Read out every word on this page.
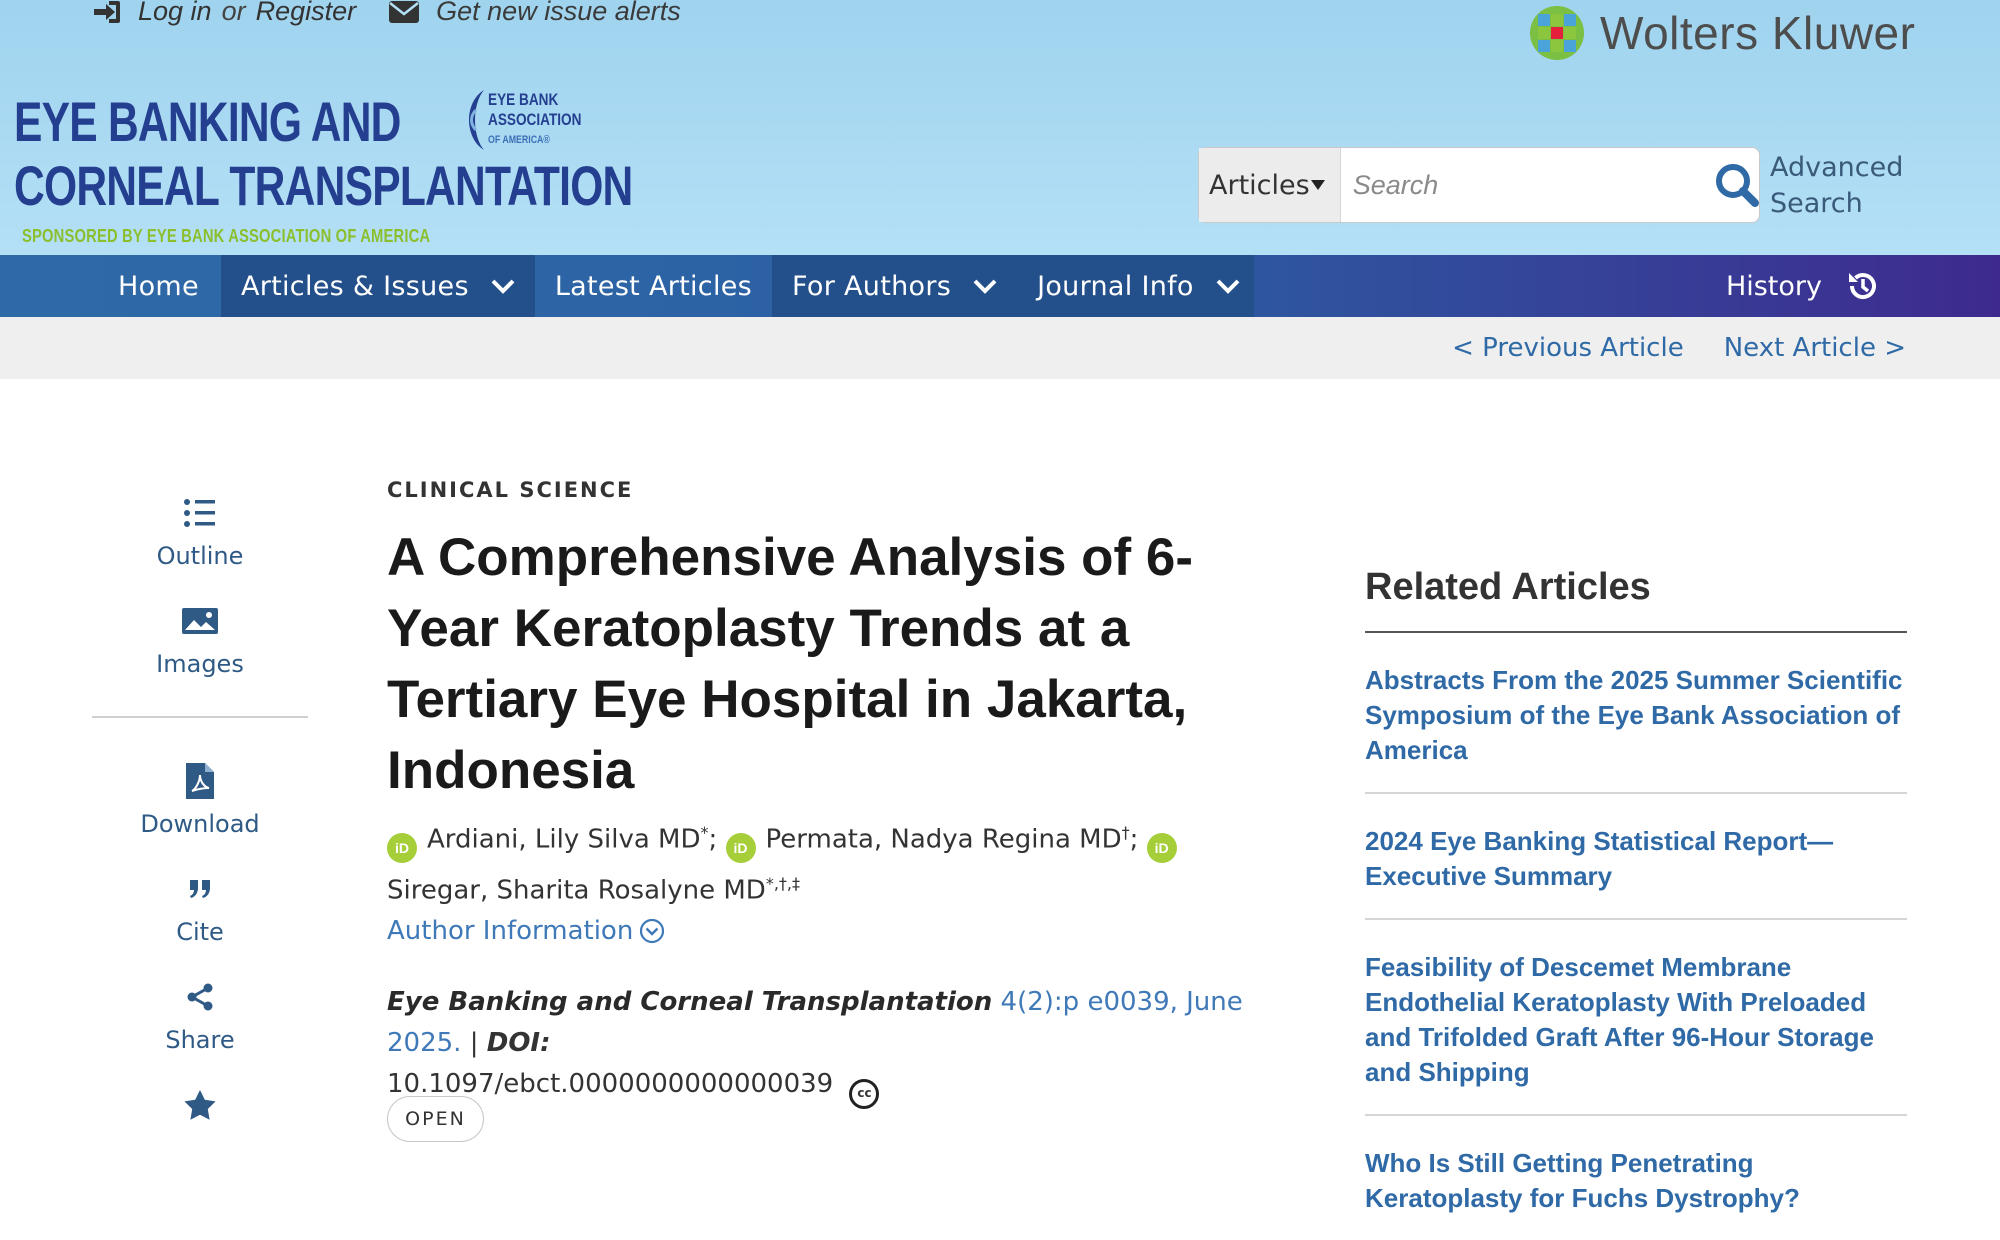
Log in or Register	Get new issue alerts	Wolters Kluwer
EYE BANKING AND
CORNEAL TRANSPLANTATION
SPONSORED BY EYE BANK ASSOCIATION OF AMERICA
EYE BANK
ASSOCIATION
OF AMERICA®
Articles
Search
Advanced Search
Home Articles & Issues	Latest Articles For Authors	Journal Info	History
< Previous Article Next Article >
Outline
Images
Download
Cite
Share
CLINICAL SCIENCE
A Comprehensive Analysis of 6-Year Keratoplasty Trends at a Tertiary Eye Hospital in Jakarta, Indonesia
iD Ardiani, Lily Silva MD*; iD Permata, Nadya Regina MD†; iDSiregar, Sharita Rosalyne MD*,†,‡
Author Information
Eye Banking and Corneal Transplantation 4(2):p e0039, June 2025. | DOI:
10.1097/ebct.0000000000000039 cc
OPEN
Related Articles
Abstracts From the 2025 Summer Scientific Symposium of the Eye Bank Association of America
2024 Eye Banking Statistical Report—Executive Summary
Feasibility of Descemet Membrane Endothelial Keratoplasty With Preloaded and Trifolded Graft After 96-Hour Storage and Shipping
Who Is Still Getting Penetrating Keratoplasty for Fuchs Dystrophy?
